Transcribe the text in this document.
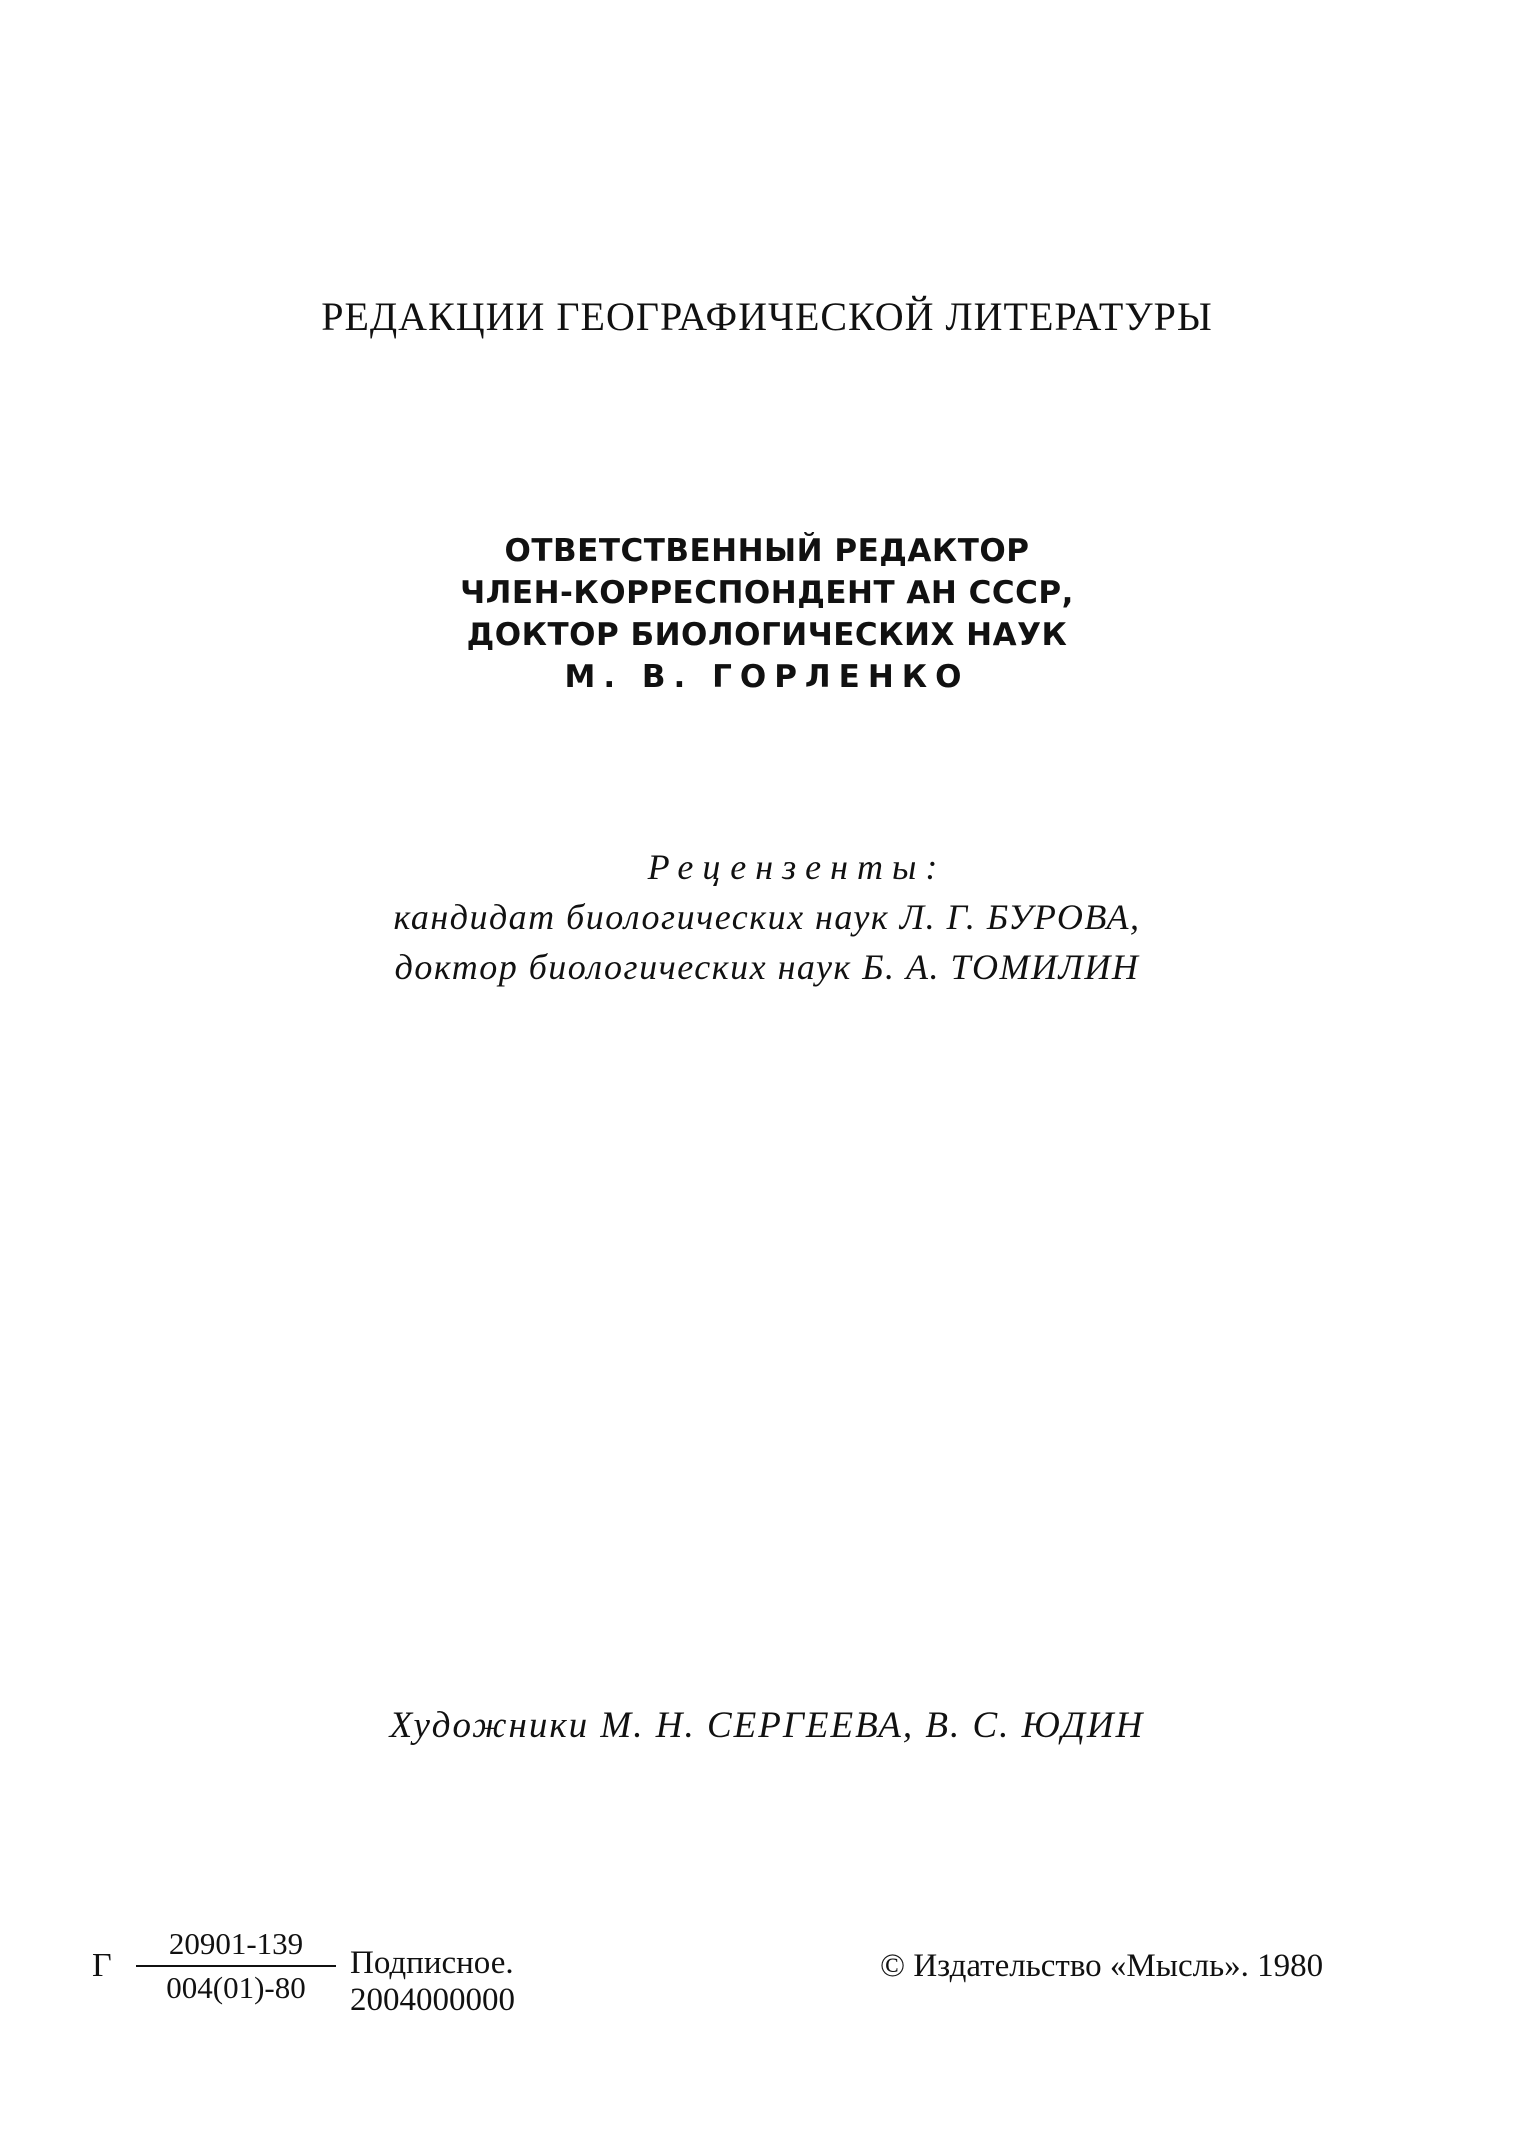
РЕДАКЦИИ ГЕОГРАФИЧЕСКОЙ ЛИТЕРАТУРЫ
ОТВЕТСТВЕННЫЙ РЕДАКТОР
ЧЛЕН-КОРРЕСПОНДЕНТ АН СССР,
ДОКТОР БИОЛОГИЧЕСКИХ НАУК
М. В. ГОРЛЕНКО
Рецензенты:
кандидат биологических наук Л. Г. БУРОВА,
доктор биологических наук Б. А. ТОМИЛИН
Художники М. Н. СЕРГЕЕВА, В. С. ЮДИН
Г
20901-139
004(01)-80
Подписное. 2004000000
© Издательство «Мысль». 1980
